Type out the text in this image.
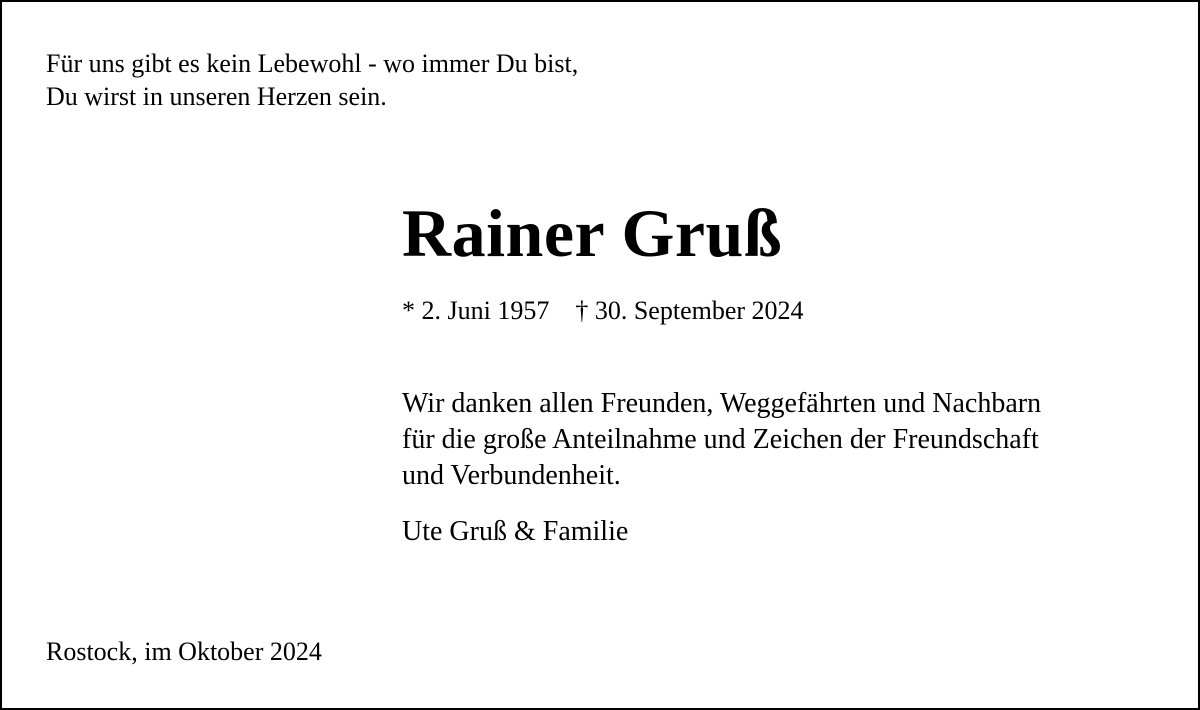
Für uns gibt es kein Lebewohl - wo immer Du bist,
Du wirst in unseren Herzen sein.
Rainer Gruß
* 2. Juni 1957 † 30. September 2024
Wir danken allen Freunden, Weggefährten und Nachbarn
für die große Anteilnahme und Zeichen der Freundschaft
und Verbundenheit.
Ute Gruß & Familie
Rostock, im Oktober 2024
